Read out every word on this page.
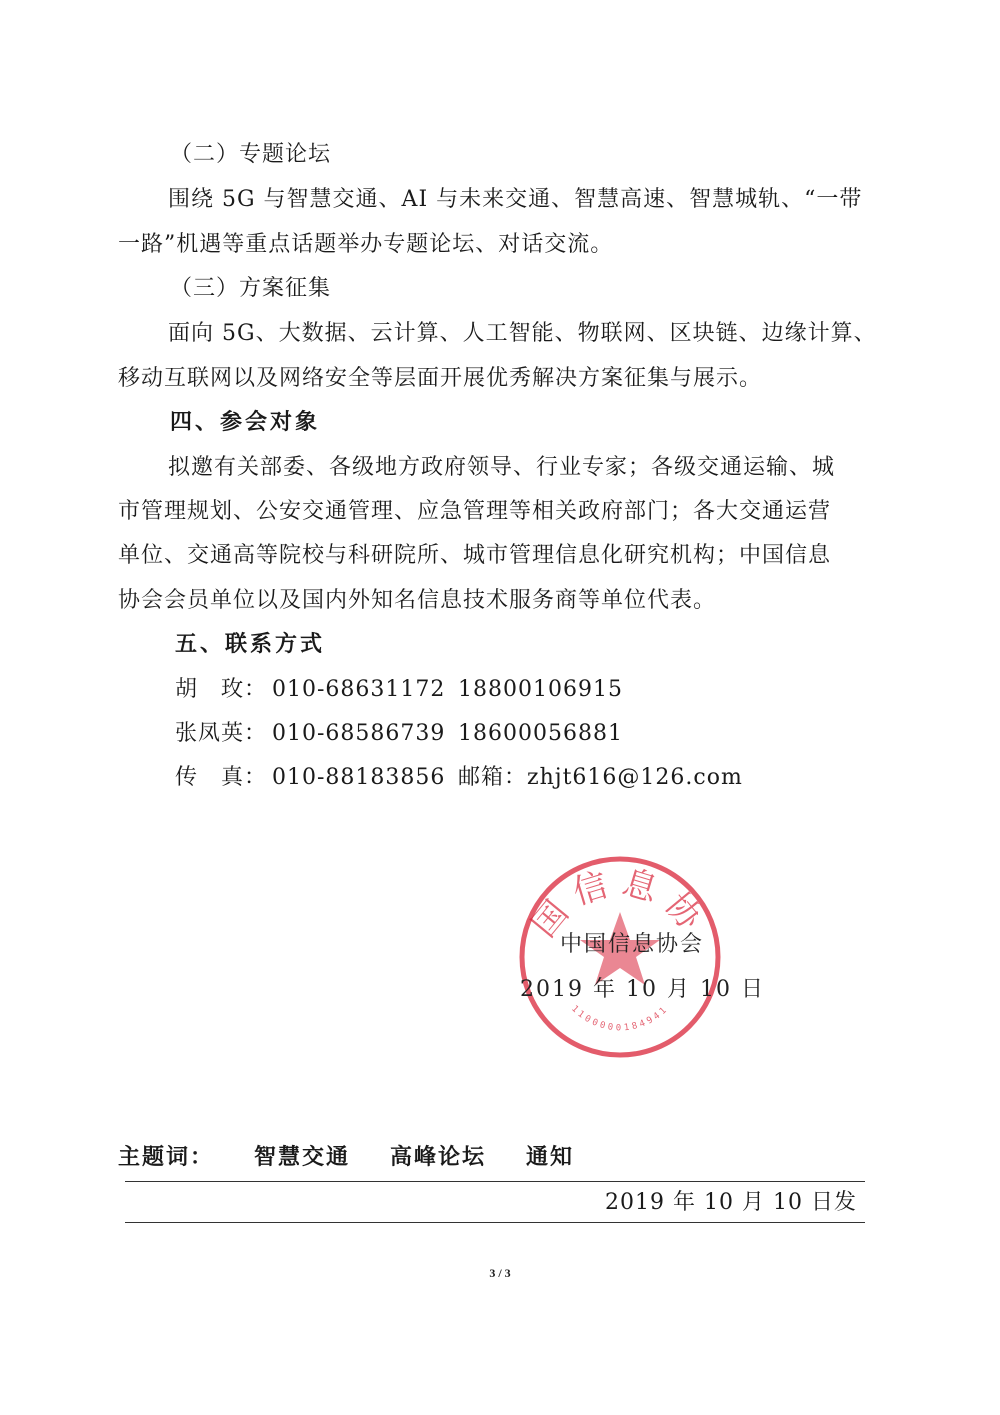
（二）专题论坛
围绕 5G 与智慧交通、AI 与未来交通、智慧高速、智慧城轨、“一带
一路”机遇等重点话题举办专题论坛、对话交流。
（三）方案征集
面向 5G、大数据、云计算、人工智能、物联网、区块链、边缘计算、
移动互联网以及网络安全等层面开展优秀解决方案征集与展示。
四、参会对象
拟邀有关部委、各级地方政府领导、行业专家；各级交通运输、城
市管理规划、公安交通管理、应急管理等相关政府部门；各大交通运营
单位、交通高等院校与科研院所、城市管理信息化研究机构；中国信息
协会会员单位以及国内外知名信息技术服务商等单位代表。
五、联系方式
胡　玫： 010-68631172 18800106915
张凤英： 010-68586739 18600056881
传　真： 010-88183856 邮箱：zhjt616@126.com
国信息协
1100000184941
中国信息协会
2019 年 10 月 10 日
主题词： 智慧交通 高峰论坛 通知
2019 年 10 月 10 日发
3 / 3
